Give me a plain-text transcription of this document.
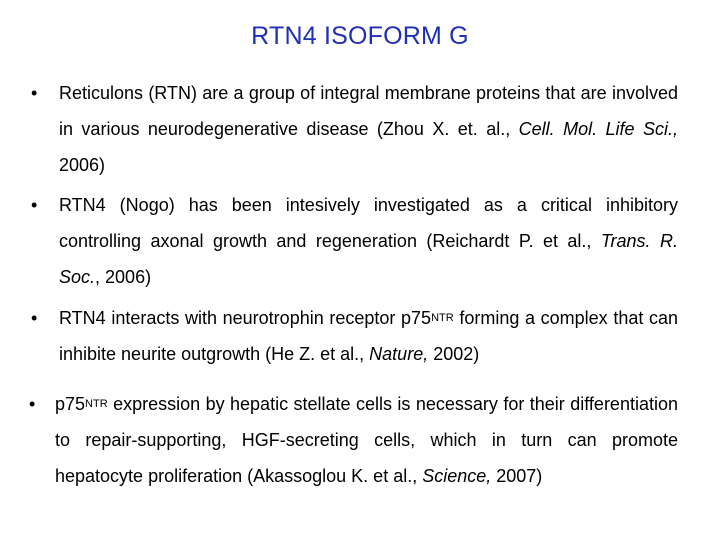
RTN4 ISOFORM G
•	Reticulons (RTN) are a group of integral membrane proteins that are involved in various neurodegenerative disease (Zhou X. et. al., Cell. Mol. Life Sci., 2006)
•	RTN4 (Nogo) has been intesively investigated as a critical inhibitory controlling axonal growth and regeneration (Reichardt P. et al., Trans. R. Soc., 2006)
•	RTN4 interacts with neurotrophin receptor $p75^{NTR}$ forming a complex that can inhibite neurite outgrowth (He Z. et al., Nature, 2002)
•	$p75^{NTR}$ expression by hepatic stellate cells is necessary for their differentiation to repair-supporting, HGF-secreting cells, which in turn can promote hepatocyte proliferation (Akassoglou K. et al., Science, 2007)
